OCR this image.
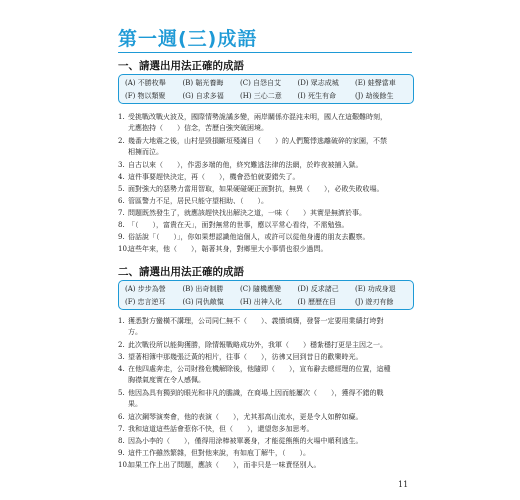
第一週(三)成語
一、請選出用法正確的成語
(A) 不勝枚舉	(B) 韜光養晦	(C) 自怨自艾	(D) 眾志成城	(E) 蛙聲當車
(F) 物以類聚	(G) 自求多福	(H) 三心二意	(I) 死生有命	(J) 劫後餘生
1. 受挑戰改戰火波及，國際情勢詭譎多變，兩岸關係亦混沌未明，國人在這艱難時刻，
尤應抱持（　　）信念，苦歷自強突破困境。
2. 幾番大地震之後，山村是毀損斷垣殘滿目（　　）的人們驚悸逃離破碎的家園，不禁
相擁而泣。
3. 自古以來（　　），作惡多端的他，終究難逃法律的法網，於昨夜被捕入獄。
4. 這件事要趕快決定，再（　　），機會恐怕就要錯失了。
5. 面對強大的惡勢力當用智取，如果硬碰硬正面對抗，無異（　　），必敗失敗收場。
6. 管區警力不足，居民只能守望相助、（　　）。
7. 問題既然發生了，就應該趕快找出解決之道，一味（　　）其實是無濟於事。
8. 「（　　），富貴在天」，面對無常的世事，應以平常心看待，不需勉強。
9. 俗話說「（　　）」，你如果想認識他這個人，或許可以從他身邊的朋友去觀察。
10.這些年來，他（　　），韜著其身，對鄉里大小事情也很少過問。
二、請選出用法正確的成語
(A) 步步為營	(B) 出奇制勝	(C) 隨機應變	(D) 反求諸己	(E) 功成身退
(F) 忠言逆耳	(G) 同仇敵愾	(H) 出神入化	(I) 歷歷在目	(J) 遊刃有餘
1. 獲悉對方蠻橫不講理，公司同仁無不（　　）、義憤填膺，發誓一定要用業績打垮對
方。
2. 此次戰役所以能夠獲勝，除情報戰略成功外，我軍（　　）穩紮穩打更是主因之一。
3. 望著相簿中那幾張泛黃的相片，往事（　　），彷彿又回到昔日的歡樂時光。
4. 在他四處奔走，公司財務危機解除後，他隨即（　　），宣布辭去總經理的位置，這種
胸襟氣度實在令人感佩。
5. 他因為具有獨到的眼光和非凡的膽識，在商場上因而能屢次（　　），獲得不錯的戰
果。
6. 這次鋼琴演奏會，他的表演（　　），尤其那高山流水，更是令人如醉如癡。
7. 我和這道這些話會惹你不快，但（　　），還望您多加思考。
8. 因為小李的（　　），僅得用涂棒被單裹身，才能從熊熊的火場中順利逃生。
9. 這件工作雖然繁雜，但對他來說，有如庖丁解牛，（　　）。
10.如果工作上出了問題，應該（　　），而非只是一味責怪別人。
11
